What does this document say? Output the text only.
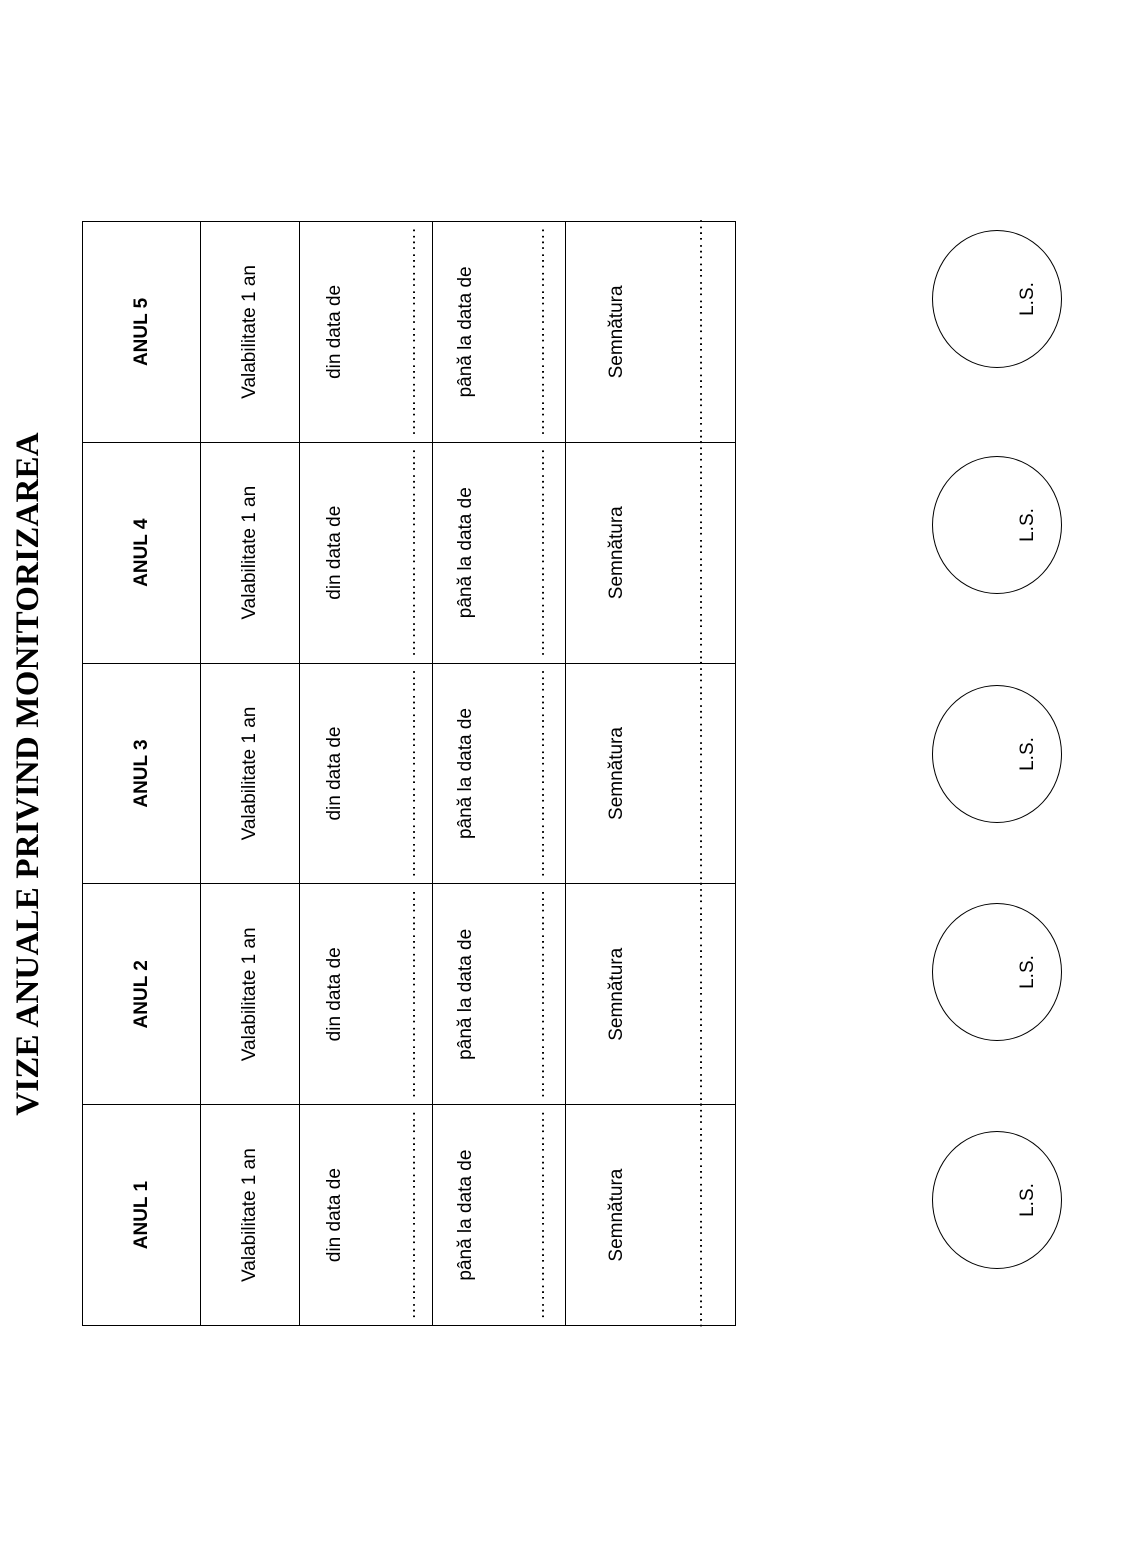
VIZE ANUALE PRIVIND MONITORIZAREA
ANUL 1	ANUL 2	ANUL 3	ANUL 4	ANUL 5
Valabilitate 1 an	Valabilitate 1 an	Valabilitate 1 an	Valabilitate 1 an	Valabilitate 1 an

din data de …………………………….	din data de …………………………….	din data de …………………………….	din data de …………………………….	din data de …………………………….

până la data de …………………………….	până la data de …………………………….	până la data de …………………………….	până la data de …………………………….	până la data de …………………………….

Semnătura ……………………………….	Semnătura ……………………………….	Semnătura ……………………………….	Semnătura ……………………………….	Semnătura ……………………………….
L.S.
L.S.
L.S.
L.S.
L.S.
